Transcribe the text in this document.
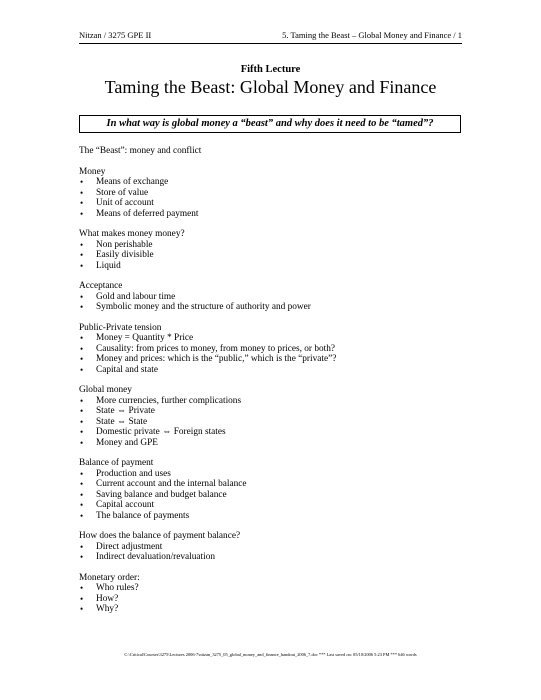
Nitzan / 3275 GPE II	5. Taming the Beast – Global Money and Finance / 1
Fifth Lecture
Taming the Beast: Global Money and Finance
In what way is global money a “beast” and why does it need to be “tamed”?
The “Beast”: money and conflict
Money
• Means of exchange
• Store of value
• Unit of account
• Means of deferred payment
What makes money money?
• Non perishable
• Easily divisible
• Liquid
Acceptance
• Gold and labour time
• Symbolic money and the structure of authority and power
Public-Private tension
• Money = Quantity * Price
• Causality: from prices to money, from money to prices, or both?
• Money and prices: which is the “public,” which is the “private”?
• Capital and state
Global money
• More currencies, further complications
• State ⇔ Private
• State ⇔ State
• Domestic private ⇔ Foreign states
• Money and GPE
Balance of payment
• Production and uses
• Current account and the internal balance
• Saving balance and budget balance
• Capital account
• The balance of payments
How does the balance of payment balance?
• Direct adjustment
• Indirect devaluation/revaluation
Monetary order:
• Who rules?
• How?
• Why?
C:\Critical\Courses\3275\Lectures 2006-7\nitzan_3275_05_global_money_and_finance_handout_2006_7.doc *** Last saved on: 05/10/2006 5:23 PM *** 646 words
